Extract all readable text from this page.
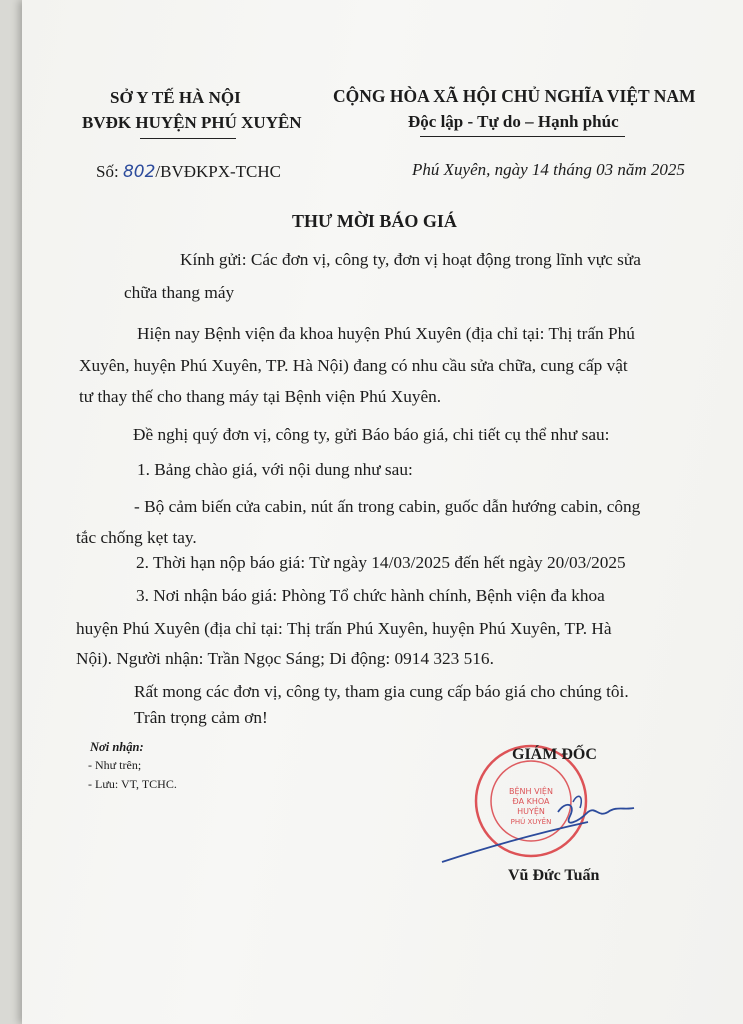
SỞ Y TẾ HÀ NỘI
BVĐK HUYỆN PHÚ XUYÊN
CỘNG HÒA XÃ HỘI CHỦ NGHĨA VIỆT NAM
Độc lập - Tự do – Hạnh phúc
Số: 802/BVĐKPX-TCHC	Phú Xuyên, ngày 14 tháng 03 năm 2025
THƯ MỜI BÁO GIÁ
Kính gửi: Các đơn vị, công ty, đơn vị hoạt động trong lĩnh vực sửa
chữa thang máy
Hiện nay Bệnh viện đa khoa huyện Phú Xuyên (địa chỉ tại: Thị trấn Phú
Xuyên, huyện Phú Xuyên, TP. Hà Nội) đang có nhu cầu sửa chữa, cung cấp vật
tư thay thế cho thang máy tại Bệnh viện Phú Xuyên.
Đề nghị quý đơn vị, công ty, gửi Báo báo giá, chi tiết cụ thể như sau:
1. Bảng chào giá, với nội dung như sau:
- Bộ cảm biến cửa cabin, nút ấn trong cabin, guốc dẫn hướng cabin, công
tắc chống kẹt tay.
2. Thời hạn nộp báo giá: Từ ngày 14/03/2025 đến hết ngày 20/03/2025
3. Nơi nhận báo giá: Phòng Tổ chức hành chính, Bệnh viện đa khoa
huyện Phú Xuyên (địa chỉ tại: Thị trấn Phú Xuyên, huyện Phú Xuyên, TP. Hà
Nội). Người nhận: Trần Ngọc Sáng; Di động: 0914 323 516.
Rất mong các đơn vị, công ty, tham gia cung cấp báo giá cho chúng tôi.
Trân trọng cảm ơn!
Nơi nhận:
- Như trên;
- Lưu: VT, TCHC.
BỆNH VIỆN
ĐA KHOA
HUYỆN
PHÚ XUYÊN
GIÁM ĐỐC
Vũ Đức Tuấn
